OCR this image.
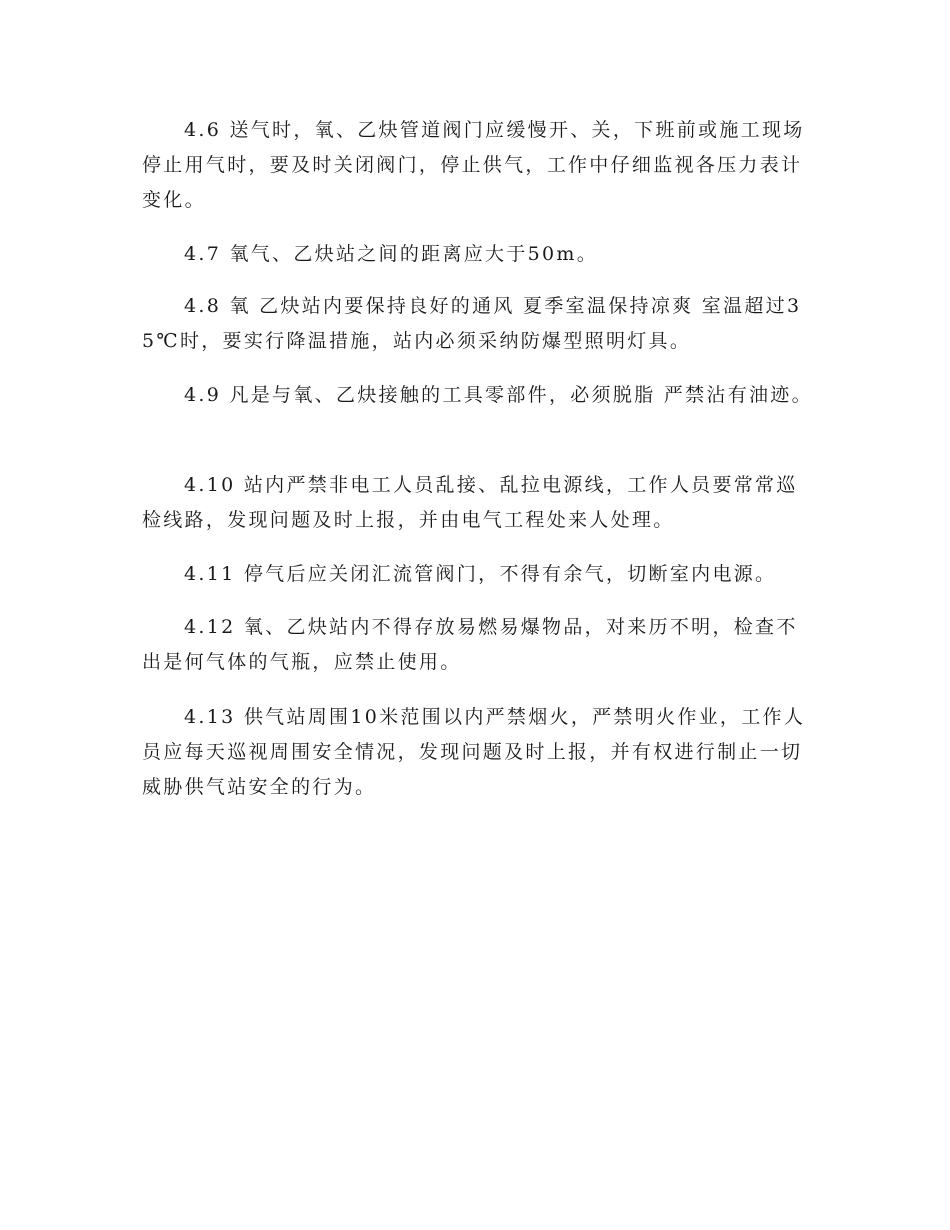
4.6 送气时，氧、乙炔管道阀门应缓慢开、关，下班前或施工现场停止用气时，要及时关闭阀门，停止供气，工作中仔细监视各压力表计变化。

4.7 氧气、乙炔站之间的距离应大于50m。

4.8 氧 乙炔站内要保持良好的通风 夏季室温保持凉爽 室温超过35℃时，要实行降温措施，站内必须采纳防爆型照明灯具。

4.9 凡是与氧、乙炔接触的工具零部件，必须脱脂 严禁沾有油迹。

4.10 站内严禁非电工人员乱接、乱拉电源线，工作人员要常常巡检线路，发现问题及时上报，并由电气工程处来人处理。

4.11 停气后应关闭汇流管阀门，不得有余气，切断室内电源。

4.12 氧、乙炔站内不得存放易燃易爆物品，对来历不明，检查不出是何气体的气瓶，应禁止使用。

4.13 供气站周围10米范围以内严禁烟火，严禁明火作业，工作人员应每天巡视周围安全情况，发现问题及时上报，并有权进行制止一切威胁供气站安全的行为。
